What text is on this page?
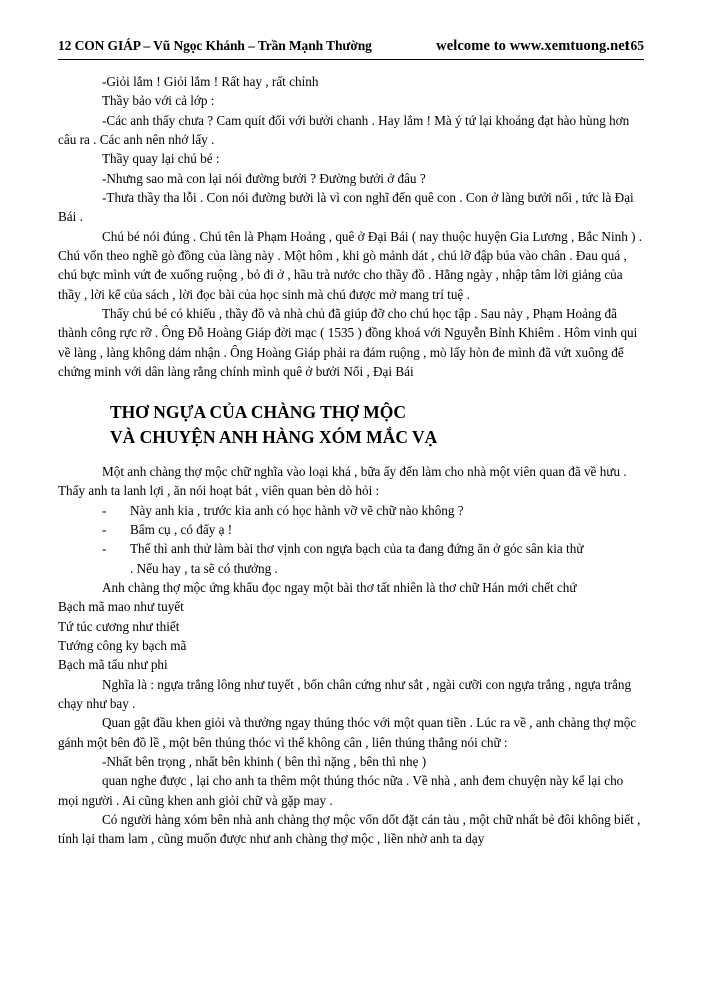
12 CON GIÁP – Vũ Ngọc Khánh – Trần Mạnh Thường	welcome to www.xemtuong.net
165

-Giỏi lắm ! Giỏi lắm ! Rất hay , rất chỉnh

Thầy bảo với cả lớp :

-Các anh thấy chưa ? Cam quít đối với bưởi chanh . Hay lắm ! Mà ý tứ lại khoáng đạt hào hùng hơn câu ra . Các anh nên nhớ lấy .

Thầy quay lại chú bé :

-Nhưng sao mà con lại nói đường bưởi ? Đường bưởi ở đâu ?

-Thưa thầy tha lỗi . Con nói đường bưởi là vì con nghĩ đến quê con . Con ở làng bưởi nổi , tức là Đại Bái .

Chú bé nói đúng . Chú tên là Phạm Hoảng , quê ở Đại Bái ( nay thuộc huyện Gia Lương , Bắc Ninh ) . Chú vốn theo nghề gò đồng của làng này . Một hôm , khi gò mảnh dát , chú lỡ đập búa vào chân . Đau quá , chú bực mình vứt đe xuống ruộng , bỏ đi ở , hầu trà nước cho thầy đồ . Hằng ngày , nhập tâm lời giảng của thầy , lời kể của sách , lời đọc bài của học sinh mà chú được mở mang trí tuệ .

Thấy chú bé có khiếu , thầy đồ và nhà chủ đã giúp đỡ cho chú học tập . Sau này , Phạm Hoảng đã thành công rực rỡ . Ông Đỗ Hoàng Giáp đời mạc ( 1535 ) đồng khoá với Nguyễn Bỉnh Khiêm . Hôm vinh qui về làng , làng không dám nhận . Ông Hoàng Giáp phải ra đám ruộng , mò lấy hòn đe mình đã vứt xuông để chứng minh với dân làng rằng chính mình quê ở bưởi Nổi , Đại Bái

THƠ NGỰA CỦA CHÀNG THỢ MỘC
VÀ CHUYỆN ANH HÀNG XÓM MẮC VẠ

Một anh chàng thợ mộc chữ nghĩa vào loại khá , bữa ấy đến làm cho nhà một viên quan đã về hưu . Thấy anh ta lanh lợi , ăn nói hoạt bát , viên quan bèn dò hỏi :

-	Này anh kia , trước kia anh có học hành vỡ vẽ chữ nào không ?
-	Bẩm cụ , có đấy ạ !
-	Thế thì anh thử làm bài thơ vịnh con ngựa bạch của ta đang đứng ăn ở góc sân kia thử
. Nếu hay , ta sẽ có thưởng .

Anh chàng thợ mộc ứng khẩu đọc ngay một bài thơ tất nhiên là thơ chữ Hán mới chết chứ

Bạch mã mao như tuyết

Tứ túc cương như thiết

Tướng công ky bạch mã

Bạch mã tẩu như phi

Nghĩa là : ngựa trắng lông như tuyết , bốn chân cứng như sắt , ngài cưỡi con ngựa trắng , ngựa trắng chạy như bay .

Quan gật đầu khen giỏi và thưởng ngay thúng thóc với một quan tiền . Lúc ra về , anh chàng thợ mộc gánh một bên đồ lề , một bên thúng thóc vì thế không cân , liên thúng thẳng nói chữ :

-Nhất bên trọng , nhất bên khinh ( bên thì nặng , bên thì nhẹ )

quan nghe được , lại cho anh ta thêm một thúng thóc nữa . Về nhà , anh đem chuyện này kể lại cho mọi người . Ai cũng khen anh giỏi chữ và gặp may .

Có người hàng xóm bên nhà anh chàng thợ mộc vốn dốt đặt cán tàu , một chữ nhất bẻ đôi không biết , tính lại tham lam , cũng muốn được như anh chàng thợ mộc , liền nhờ anh ta dạy
